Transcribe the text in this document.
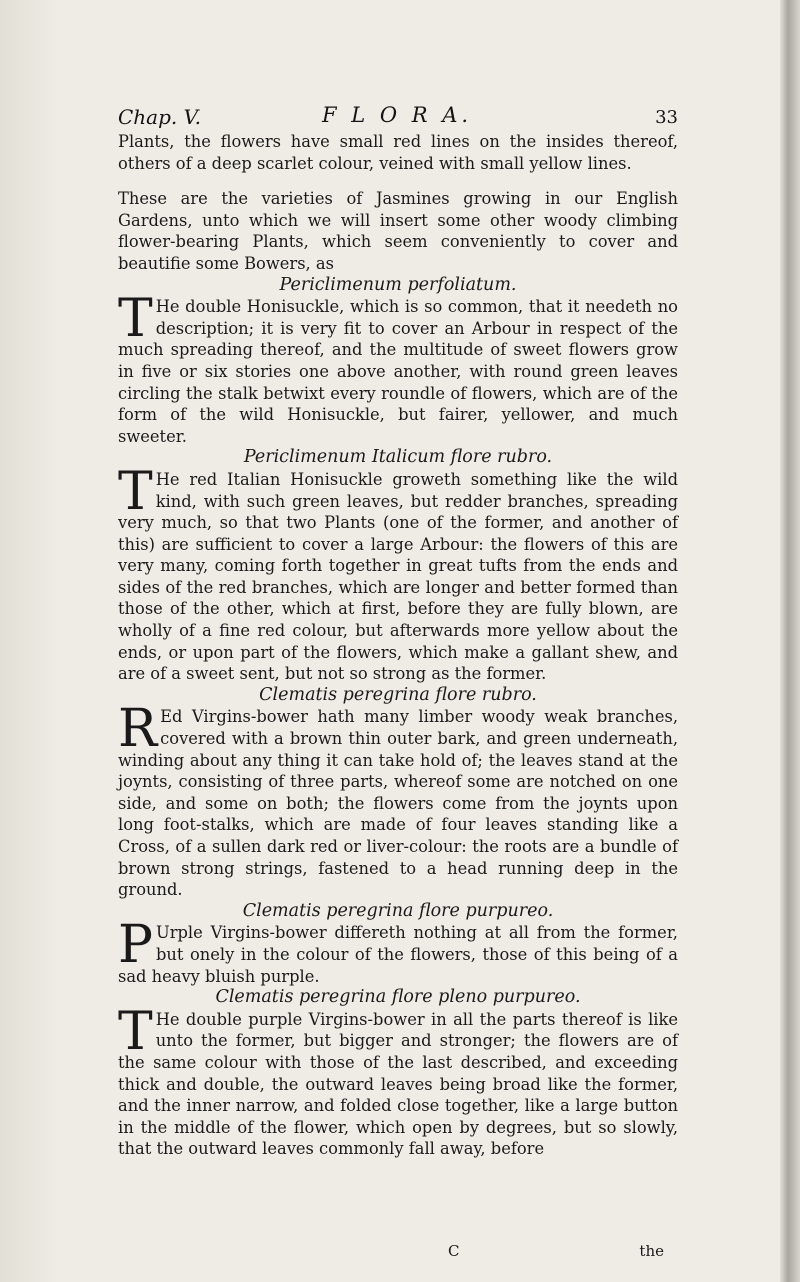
Chap. V.	F L O R A.	33

Plants, the flowers have small red lines on the insides thereof, others of a deep scarlet colour, veined with small yellow lines.

These are the varieties of Jasmines growing in our English Gardens, unto which we will insert some other woody climbing flower-bearing Plants, which seem conveniently to cover and beautifie some Bowers, as

Periclimenum perfoliatum.

T He double Honisuckle, which is so common, that it needeth no description; it is very fit to cover an Arbour in respect of the much spreading thereof, and the multitude of sweet flowers grow in five or six stories one above another, with round green leaves circling the stalk betwixt every roundle of flowers, which are of the form of the wild Honisuckle, but fairer, yellower, and much sweeter.

Periclimenum Italicum flore rubro.

T He red Italian Honisuckle groweth something like the wild kind, with such green leaves, but redder branches, spreading very much, so that two Plants (one of the former, and another of this) are sufficient to cover a large Arbour: the flowers of this are very many, coming forth together in great tufts from the ends and sides of the red branches, which are longer and better formed than those of the other, which at first, before they are fully blown, are wholly of a fine red colour, but afterwards more yellow about the ends, or upon part of the flowers, which make a gallant shew, and are of a sweet sent, but not so strong as the former.

Clematis peregrina flore rubro.

R Ed Virgins-bower hath many limber woody weak branches, covered with a brown thin outer bark, and green underneath, winding about any thing it can take hold of; the leaves stand at the joynts, consisting of three parts, whereof some are notched on one side, and some on both; the flowers come from the joynts upon long foot-stalks, which are made of four leaves standing like a Cross, of a sullen dark red or liver-colour: the roots are a bundle of brown strong strings, fastened to a head running deep in the ground.

Clematis peregrina flore purpureo.

P Urple Virgins-bower differeth nothing at all from the former, but onely in the colour of the flowers, those of this being of a sad heavy bluish purple.

Clematis peregrina flore pleno purpureo.

T He double purple Virgins-bower in all the parts thereof is like unto the former, but bigger and stronger; the flowers are of the same colour with those of the last described, and exceeding thick and double, the outward leaves being broad like the former, and the inner narrow, and folded close together, like a large button in the middle of the flower, which open by degrees, but so slowly, that the outward leaves commonly fall away, before

C	the
